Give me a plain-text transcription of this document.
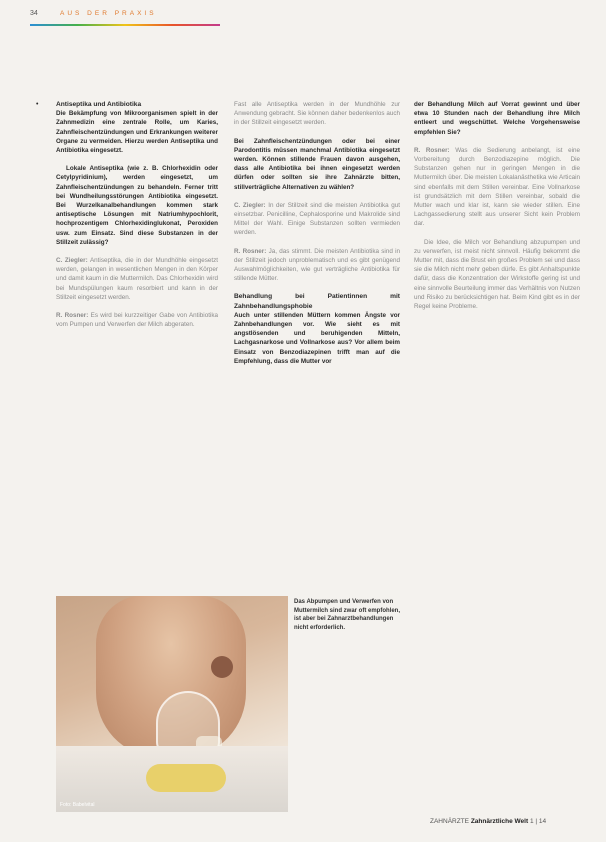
34	AUS DER PRAXIS
•	Antiseptika und Antibiotika

Die Bekämpfung von Mikroorganismen spielt in der Zahnmedizin eine zentrale Rolle, um Karies, Zahnfleischentzündungen und Erkrankungen weiterer Organe zu vermeiden. Hierzu werden Antiseptika und Antibiotika eingesetzt.

Lokale Antiseptika (wie z. B. Chlorhexidin oder Cetylpyridinium), werden eingesetzt, um Zahnfleischentzündungen zu behandeln. Ferner tritt bei Wundheilungsstörungen Antibiotika eingesetzt. Bei Wurzelkanalbehandlungen kommen stark antiseptische Lösungen mit Natriumhypochlorit, hochprozentigem Chlorhexidinglukonat, Peroxiden usw. zum Einsatz. Sind diese Substanzen in der Stillzeit zulässig?

C. Ziegler: Antiseptika, die in der Mundhöhle eingesetzt werden, gelangen in wesentlichen Mengen in den Körper und damit kaum in die Muttermilch. Das Chlorhexidin wird bei Mundspülungen kaum resorbiert und kann in der Stillzeit eingesetzt werden.

R. Rosner: Es wird bei kurzzeitiger Gabe von Antibiotika vom Pumpen und Verwerfen der Milch abgeraten.

Fast alle Antiseptika werden in der Mundhöhle zur Anwendung gebracht. Sie können daher bedenkenlos auch in der Stillzeit eingesetzt werden.

Bei Zahnfleischentzündungen oder bei einer Parodontitis müssen manchmal Antibiotika eingesetzt werden. Können stillende Frauen davon ausgehen, dass alle Antibiotika bei ihnen eingesetzt werden dürfen oder sollten sie ihre Zahnärzte bitten, stillverträgliche Alternativen zu wählen?

C. Ziegler: In der Stillzeit sind die meisten Antibiotika gut einsetzbar. Penicilline, Cephalosporine und Makrolide sind Mittel der Wahl. Einige Substanzen sollten vermieden werden.

R. Rosner: Ja, das stimmt. Die meisten Antibiotika sind in der Stillzeit jedoch unproblematisch und es gibt genügend Auswahlmöglichkeiten, wie gut verträgliche Antibiotika für stillende Mütter.

Behandlung bei Patientinnen mit Zahnbehandlungsphobie

Auch unter stillenden Müttern kommen Ängste vor Zahnbehandlungen vor. Wie sieht es mit angstlösenden und beruhigenden Mitteln, Lachgasnarkose und Vollnarkose aus? Vor allem beim Einsatz von Benzodiazepinen trifft man auf die Empfehlung, dass die Mutter vor

der Behandlung Milch auf Vorrat gewinnt und über etwa 10 Stunden nach der Behandlung ihre Milch entleert und wegschüttet. Welche Vorgehensweise empfehlen Sie?

R. Rosner: Was die Sedierung anbelangt, ist eine Vorbereitung durch Benzodiazepine möglich. Die Substanzen gehen nur in geringen Mengen in die Muttermilch über. Die meisten Lokalanästhetika wie Articain sind ebenfalls mit dem Stillen vereinbar. Eine Vollnarkose ist grundsätzlich mit dem Stillen vereinbar, sobald die Mutter wach und klar ist, kann sie wieder stillen. Eine Lachgassedierung stellt aus unserer Sicht kein Problem dar.

Die Idee, die Milch vor Behandlung abzupumpen und zu verwerfen, ist meist nicht sinnvoll. Häufig bekommt die Mutter mit, dass die Brust ein großes Problem sei und dass sie die Milch nicht mehr geben dürfe. Es gibt Anhaltspunkte dafür, dass die Konzentration der Wirkstoffe gering ist und eine sinnvolle Beurteilung immer das Verhältnis von Nutzen und Risiko zu berücksichtigen hat. Beim Kind gibt es in der Regel keine Probleme.

Foto: Babelvital
Das Abpumpen und Verwerfen von Muttermilch sind zwar oft empfohlen, ist aber bei Zahnarztbehandlungen nicht erforderlich.
ZAHNÄRZTE Zahnärztliche Welt 1 | 14
